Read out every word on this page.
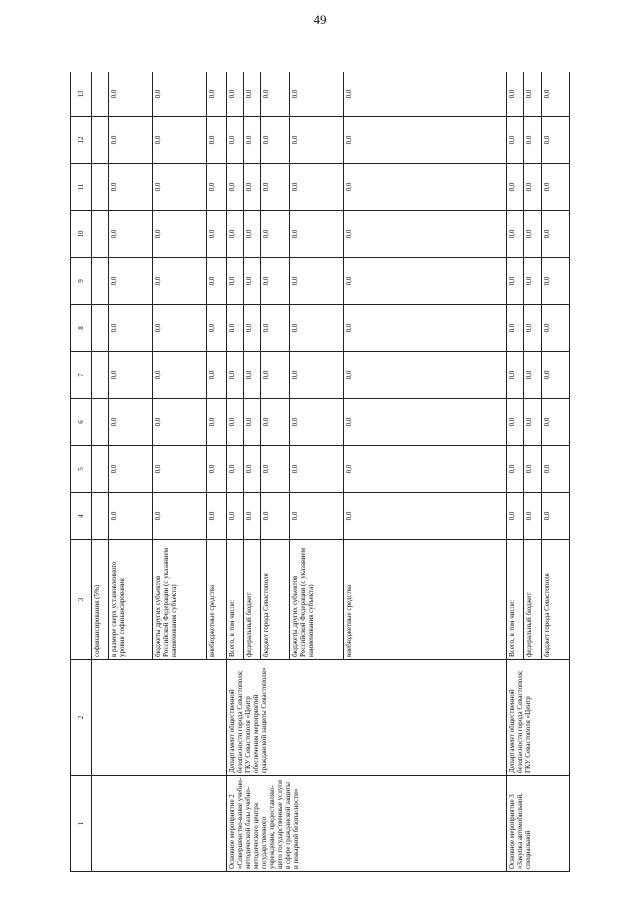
49
1	2	3	4	5	6	7	8	9	10	11	12	13
		софинансирования (5%)										
		в размере сверх установленного уровня софинансирования	0,0	0,0	0,0	0,0	0,0	0,0	0,0	0,0	0,0	0,0
		бюджеты других субъектов Российской Федерации (с указанием наименования субъекта)	0,0	0,0	0,0	0,0	0,0	0,0	0,0	0,0	0,0	0,0
		внебюджетные средства	0,0	0,0	0,0	0,0	0,0	0,0	0,0	0,0	0,0	0,0
Основное мероприятие 2 «Совершенство-вание учебно-методической базы учебно-методического центра государственного учреждения, предоставляю-щего государственные услуги в сфере гражданской защиты и пожарной безопасности»	Департамент общественной безопасности города Севастополя; ГКУ Севастополя «Центр обеспечения мероприятий гражданской защиты Севастополя»	Всего, в том числе:	0,0	0,0	0,0	0,0	0,0	0,0	0,0	0,0	0,0	0,0
		федеральный бюджет	0,0	0,0	0,0	0,0	0,0	0,0	0,0	0,0	0,0	0,0
		бюджет города Севастополя	0,0	0,0	0,0	0,0	0,0	0,0	0,0	0,0	0,0	0,0
		бюджеты других субъектов Российской Федерации (с указанием наименования субъекта)	0,0	0,0	0,0	0,0	0,0	0,0	0,0	0,0	0,0	0,0
		внебюджетные средства	0,0	0,0	0,0	0,0	0,0	0,0	0,0	0,0	0,0	0,0
Основное мероприятие 3 «Закупка автомобильной, специальной	Департамент общественной безопасности города Севастополя; ГКУ Севастополя «Центр	Всего, в том числе:	0,0	0,0	0,0	0,0	0,0	0,0	0,0	0,0	0,0	0,0
		федеральный бюджет	0,0	0,0	0,0	0,0	0,0	0,0	0,0	0,0	0,0	0,0
		бюджет города Севастополя	0,0	0,0	0,0	0,0	0,0	0,0	0,0	0,0	0,0	0,0
